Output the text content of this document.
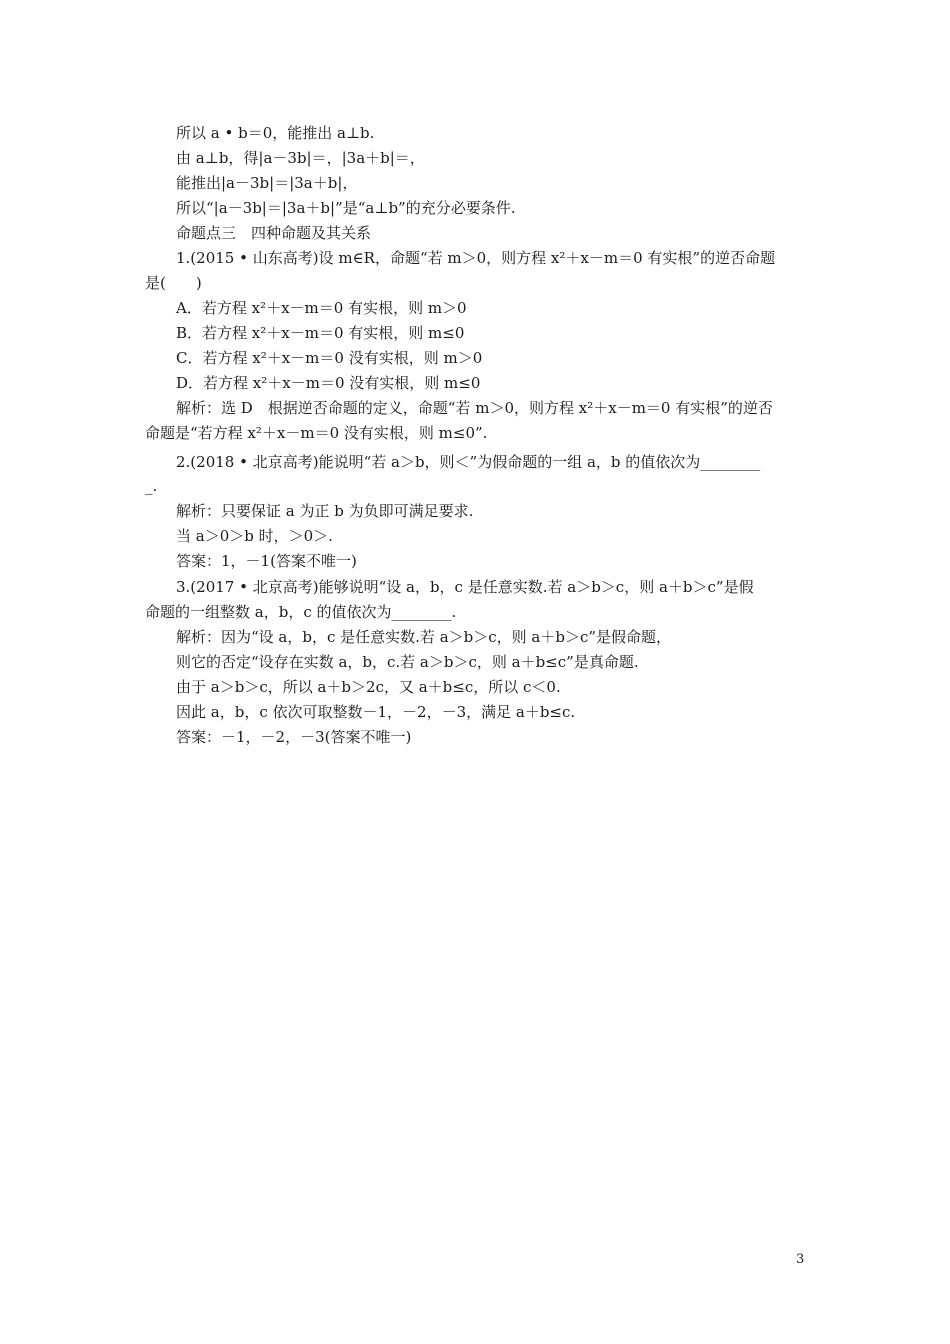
所以 a • b＝0，能推出 a⊥b.
由 a⊥b，得|a－3b|＝，|3a＋b|＝，
能推出|a－3b|＝|3a＋b|，
所以“|a－3b|＝|3a＋b|”是“a⊥b”的充分必要条件.
命题点三　四种命题及其关系
1.(2015 • 山东高考)设 m∈R，命题“若 m＞0，则方程 x²＋x－m＝0 有实根”的逆否命题
是(　　)
A．若方程 x²＋x－m＝0 有实根，则 m＞0
B．若方程 x²＋x－m＝0 有实根，则 m≤0
C．若方程 x²＋x－m＝0 没有实根，则 m＞0
D．若方程 x²＋x－m＝0 没有实根，则 m≤0
解析：选 D　根据逆否命题的定义，命题“若 m＞0，则方程 x²＋x－m＝0 有实根”的逆否
命题是“若方程 x²＋x－m＝0 没有实根，则 m≤0”.
2.(2018 • 北京高考)能说明“若 a＞b，则＜”为假命题的一组 a，b 的值依次为________
_.
解析：只要保证 a 为正 b 为负即可满足要求.
当 a＞0＞b 时，＞0＞.
答案：1，－1(答案不唯一)
3.(2017 • 北京高考)能够说明“设 a，b，c 是任意实数.若 a＞b＞c，则 a＋b＞c”是假
命题的一组整数 a，b，c 的值依次为________.
解析：因为“设 a，b，c 是任意实数.若 a＞b＞c，则 a＋b＞c”是假命题，
则它的否定“设存在实数 a，b，c.若 a＞b＞c，则 a＋b≤c”是真命题.
由于 a＞b＞c，所以 a＋b＞2c，又 a＋b≤c，所以 c＜0.
因此 a，b，c 依次可取整数－1，－2，－3，满足 a＋b≤c.
答案：－1，－2，－3(答案不唯一)
3
